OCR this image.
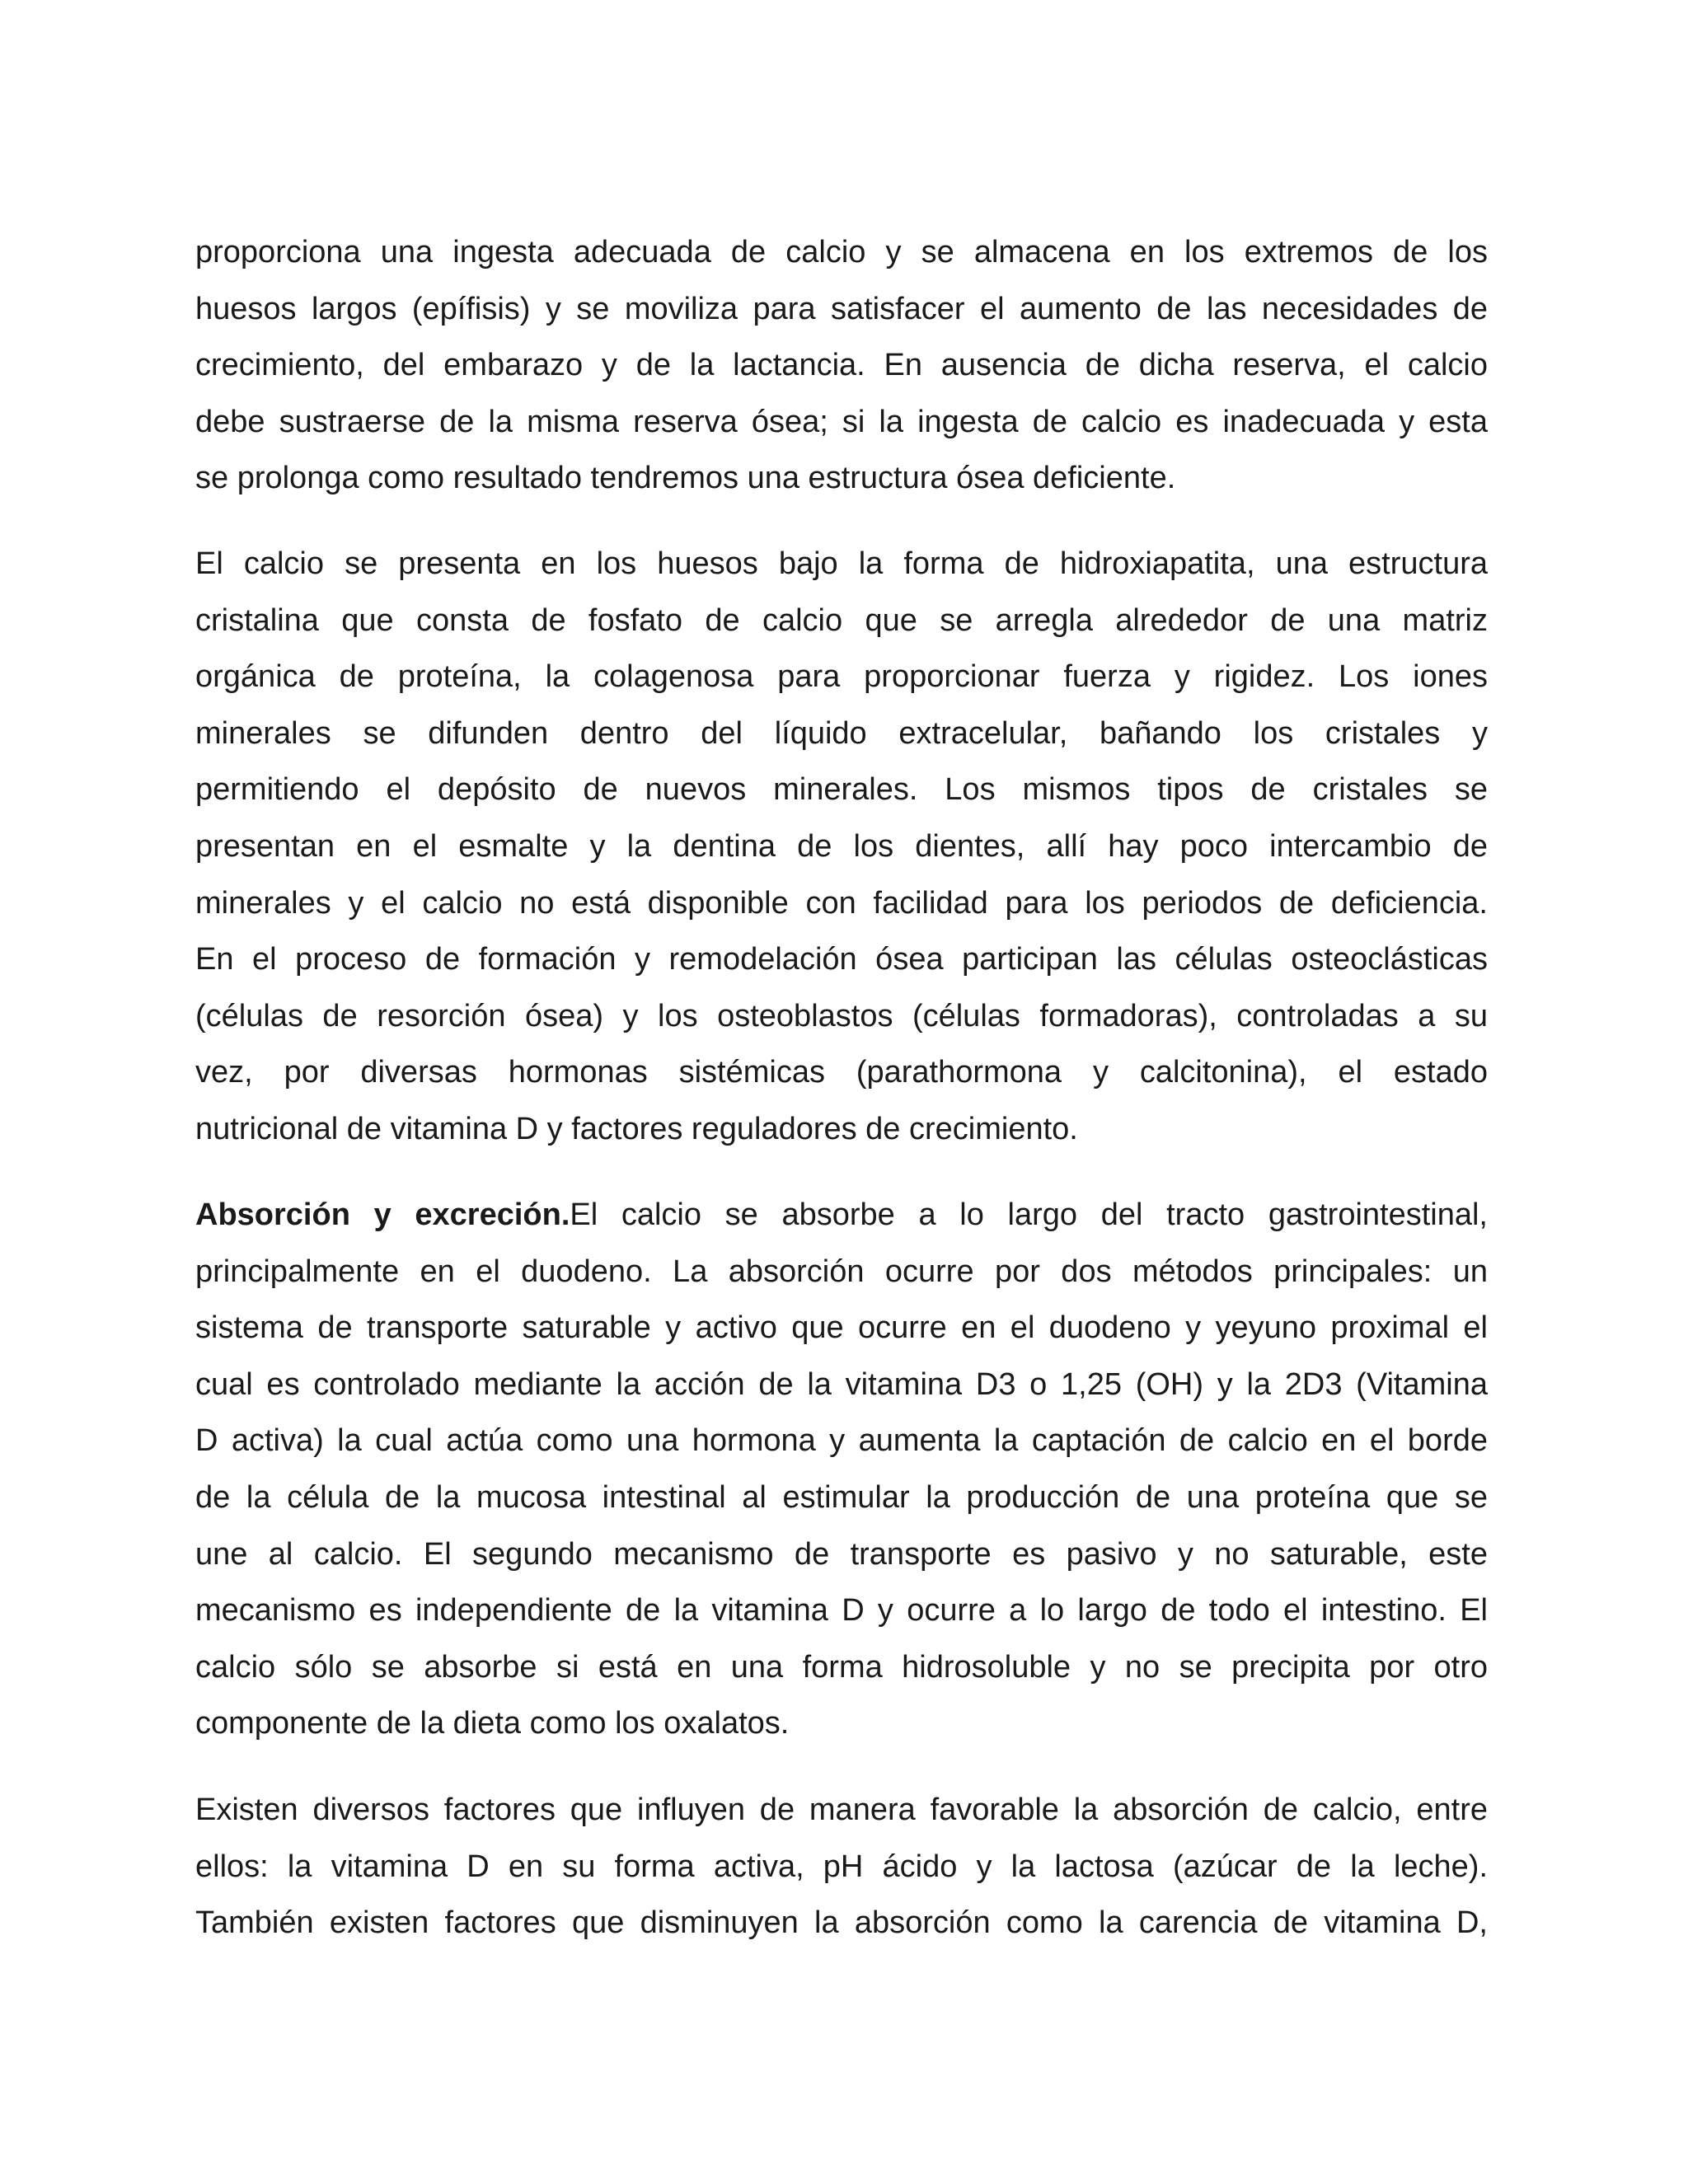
proporciona una ingesta adecuada de calcio y se almacena en los extremos de los
huesos largos (epífisis) y se moviliza para satisfacer el aumento de las necesidades de
crecimiento, del embarazo y de la lactancia. En ausencia de dicha reserva, el calcio
debe sustraerse de la misma reserva ósea; si la ingesta de calcio es inadecuada y esta
se prolonga como resultado tendremos una estructura ósea deficiente.

El calcio se presenta en los huesos bajo la forma de hidroxiapatita, una estructura
cristalina que consta de fosfato de calcio que se arregla alrededor de una matriz
orgánica de proteína, la colagenosa para proporcionar fuerza y rigidez. Los iones
minerales se difunden dentro del líquido extracelular, bañando los cristales y
permitiendo el depósito de nuevos minerales. Los mismos tipos de cristales se
presentan en el esmalte y la dentina de los dientes, allí hay poco intercambio de
minerales y el calcio no está disponible con facilidad para los periodos de deficiencia.
En el proceso de formación y remodelación ósea participan las células osteoclásticas
(células de resorción ósea) y los osteoblastos (células formadoras), controladas a su
vez, por diversas hormonas sistémicas (parathormona y calcitonina), el estado
nutricional de vitamina D y factores reguladores de crecimiento.

Absorción y excreción.El calcio se absorbe a lo largo del tracto gastrointestinal,
principalmente en el duodeno. La absorción ocurre por dos métodos principales: un
sistema de transporte saturable y activo que ocurre en el duodeno y yeyuno proximal el
cual es controlado mediante la acción de la vitamina D3 o 1,25 (OH) y la 2D3 (Vitamina
D activa) la cual actúa como una hormona y aumenta la captación de calcio en el borde
de la célula de la mucosa intestinal al estimular la producción de una proteína que se
une al calcio. El segundo mecanismo de transporte es pasivo y no saturable, este
mecanismo es independiente de la vitamina D y ocurre a lo largo de todo el intestino. El
calcio sólo se absorbe si está en una forma hidrosoluble y no se precipita por otro
componente de la dieta como los oxalatos.

Existen diversos factores que influyen de manera favorable la absorción de calcio, entre
ellos: la vitamina D en su forma activa, pH ácido y la lactosa (azúcar de la leche).
También existen factores que disminuyen la absorción como la carencia de vitamina D,
